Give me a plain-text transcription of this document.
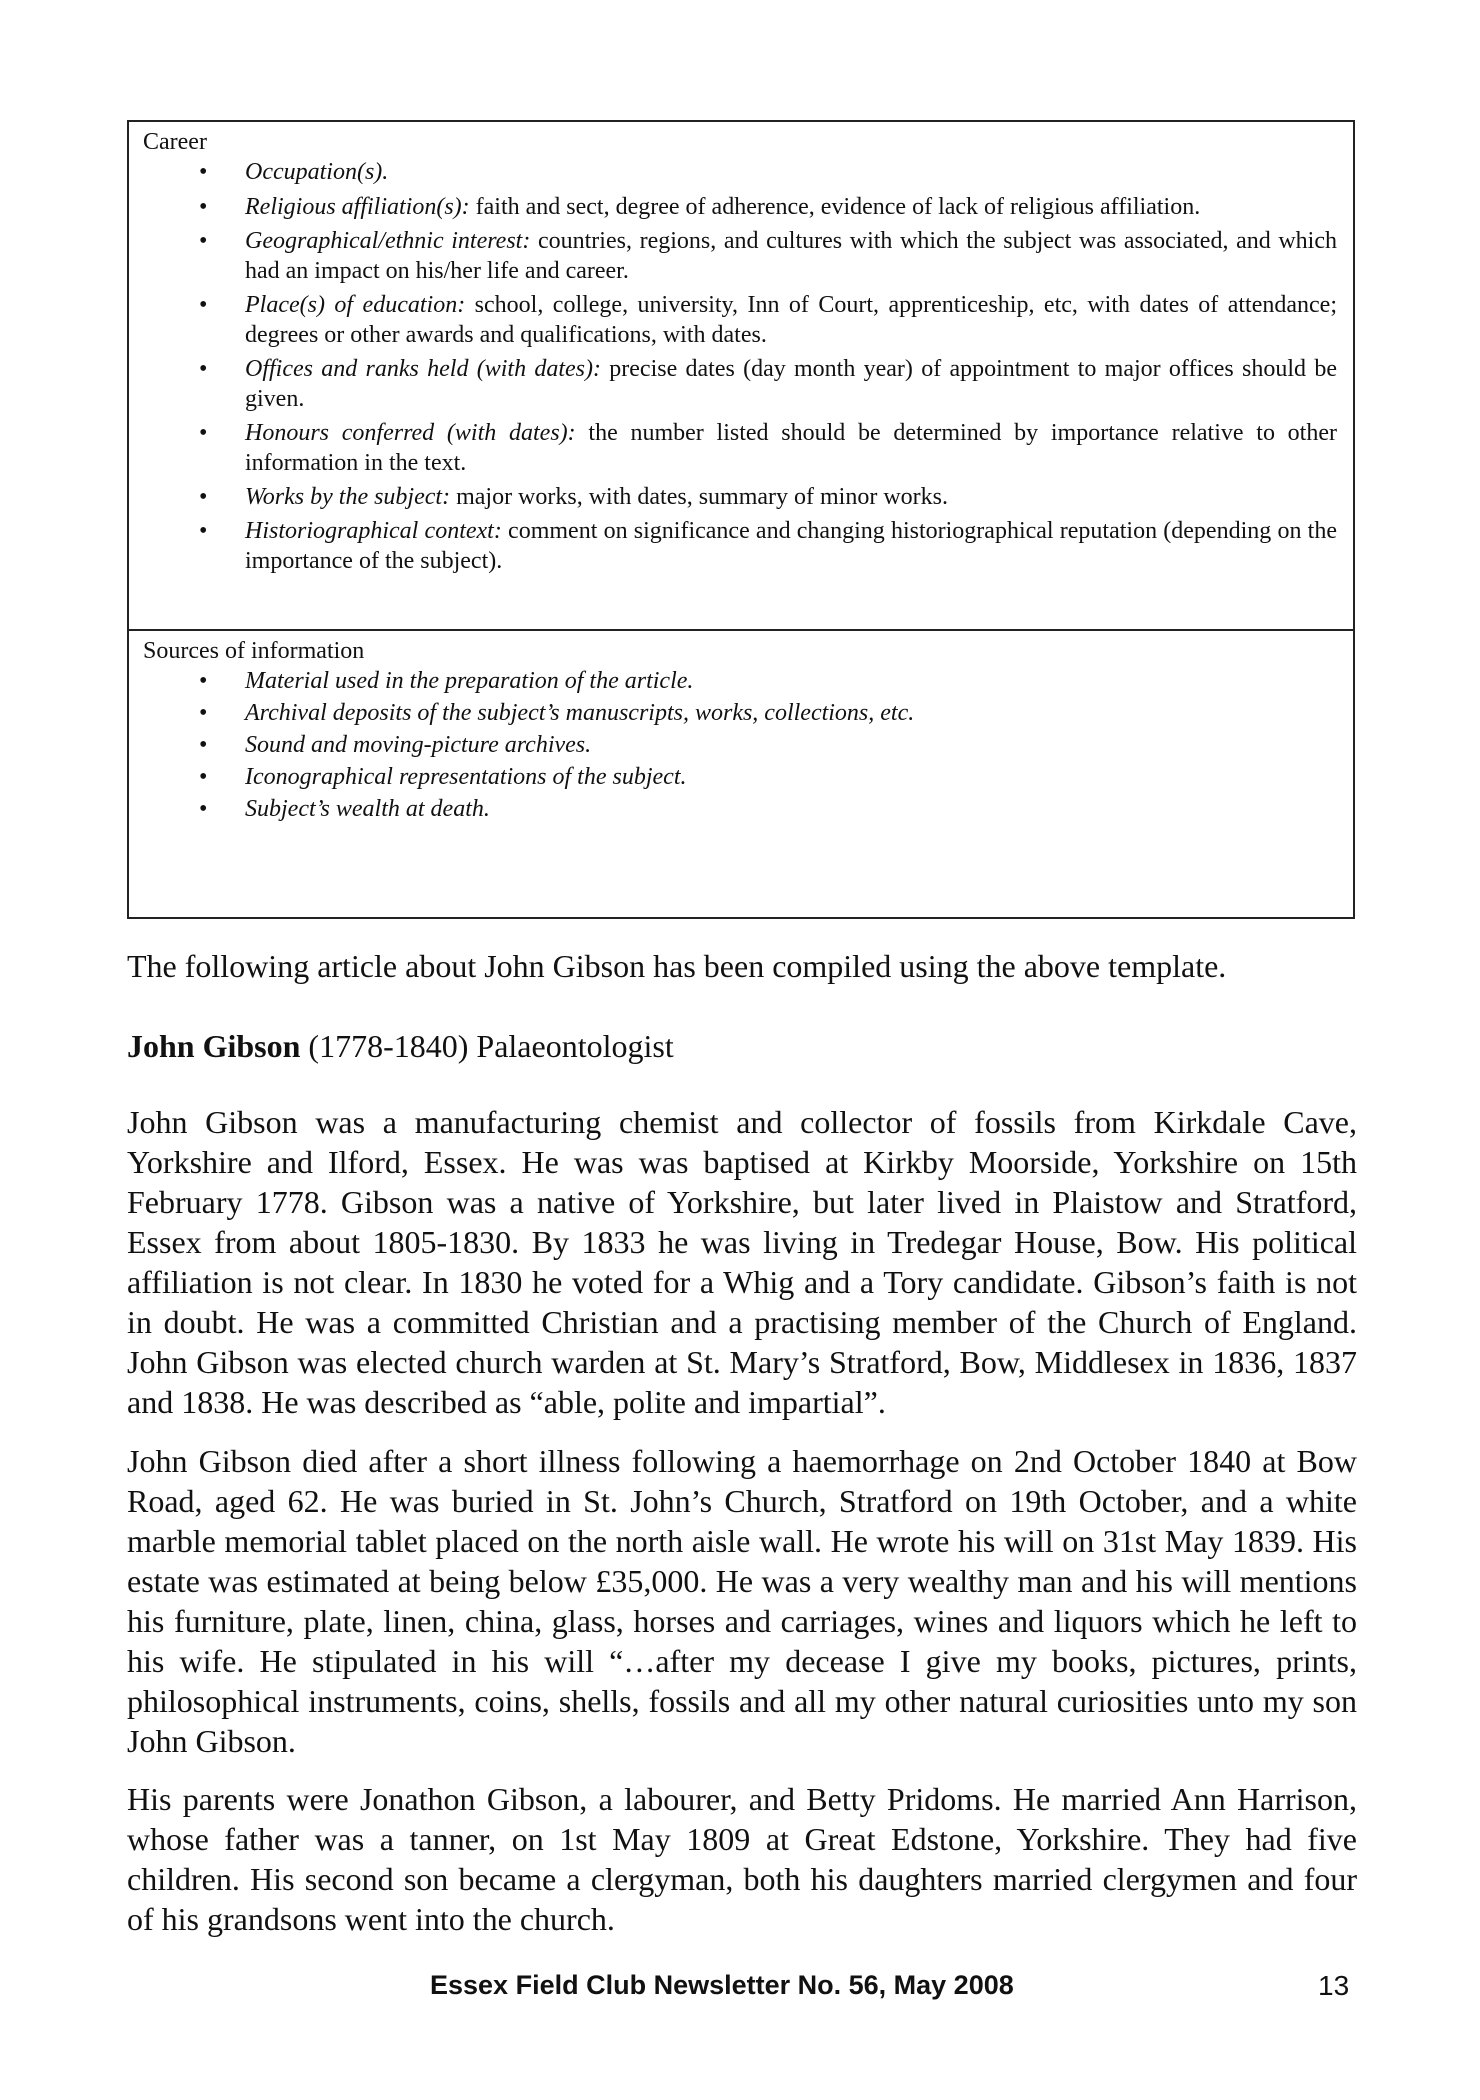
Career
• Occupation(s).
• Religious affiliation(s): faith and sect, degree of adherence, evidence of lack of religious affiliation.
• Geographical/ethnic interest: countries, regions, and cultures with which the subject was associated, and which had an impact on his/her life and career.
• Place(s) of education: school, college, university, Inn of Court, apprenticeship, etc, with dates of attendance; degrees or other awards and qualifications, with dates.
• Offices and ranks held (with dates): precise dates (day month year) of appointment to major offices should be given.
• Honours conferred (with dates): the number listed should be determined by importance relative to other information in the text.
• Works by the subject: major works, with dates, summary of minor works.
• Historiographical context: comment on significance and changing historiographical reputation (depending on the importance of the subject).
Sources of information
• Material used in the preparation of the article.
• Archival deposits of the subject’s manuscripts, works, collections, etc.
• Sound and moving-picture archives.
• Iconographical representations of the subject.
• Subject’s wealth at death.
The following article about John Gibson has been compiled using the above template.
John Gibson (1778-1840) Palaeontologist
John Gibson was a manufacturing chemist and collector of fossils from Kirkdale Cave, Yorkshire and Ilford, Essex. He was was baptised at Kirkby Moorside, Yorkshire on 15th February 1778. Gibson was a native of Yorkshire, but later lived in Plaistow and Stratford, Essex from about 1805-1830. By 1833 he was living in Tredegar House, Bow. His political affiliation is not clear. In 1830 he voted for a Whig and a Tory candidate. Gibson’s faith is not in doubt. He was a committed Christian and a practising member of the Church of England. John Gibson was elected church warden at St. Mary’s Stratford, Bow, Middlesex in 1836, 1837 and 1838. He was described as “able, polite and impartial”.
John Gibson died after a short illness following a haemorrhage on 2nd October 1840 at Bow Road, aged 62. He was buried in St. John’s Church, Stratford on 19th October, and a white marble memorial tablet placed on the north aisle wall. He wrote his will on 31st May 1839. His estate was estimated at being below £35,000. He was a very wealthy man and his will mentions his furniture, plate, linen, china, glass, horses and carriages, wines and liquors which he left to his wife. He stipulated in his will “…after my decease I give my books, pictures, prints, philosophical instruments, coins, shells, fossils and all my other natural curiosities unto my son John Gibson.
His parents were Jonathon Gibson, a labourer, and Betty Pridoms. He married Ann Harrison, whose father was a tanner, on 1st May 1809 at Great Edstone, Yorkshire. They had five children. His second son became a clergyman, both his daughters married clergymen and four of his grandsons went into the church.
Essex Field Club Newsletter No. 56, May 2008	13
